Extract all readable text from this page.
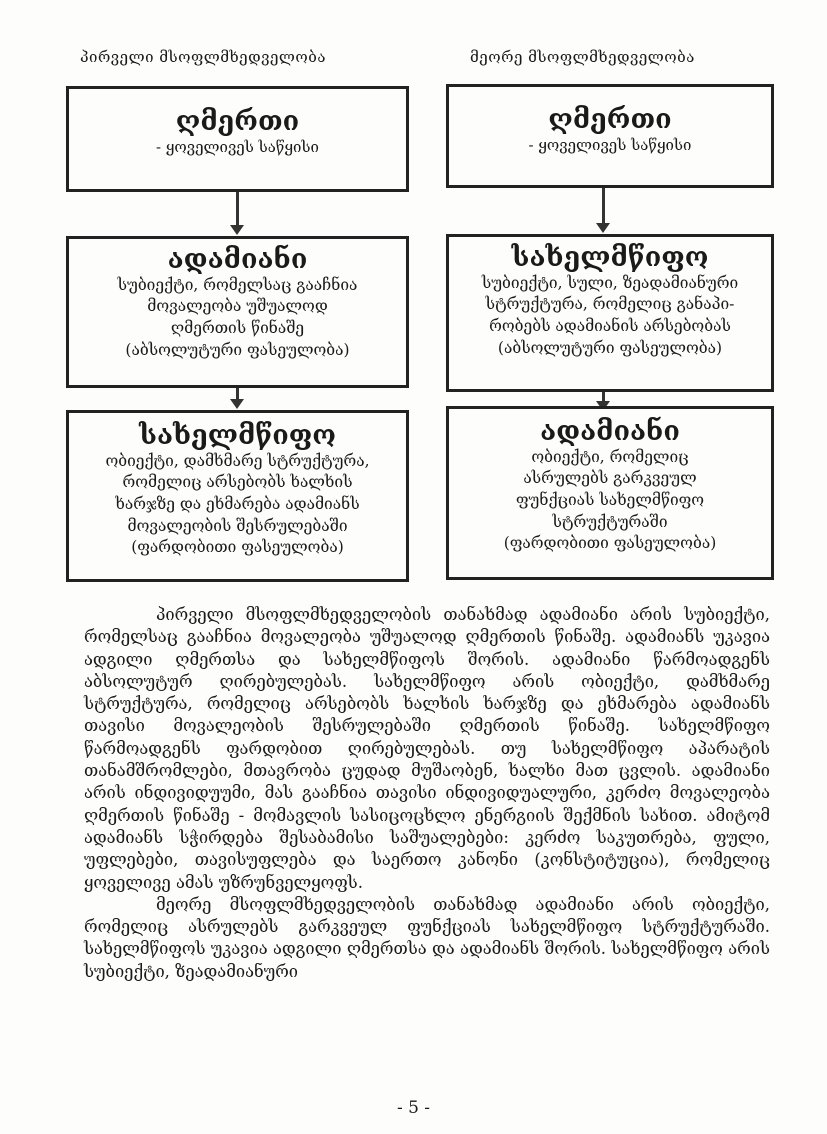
პირველი მსოფლმხედველობა	მეორე მსოფლმხედველობა
ღმერთი
- ყოველივეს საწყისი
ადამიანი
სუბიექტი, რომელსაც გააჩნია
მოვალეობა უშუალოდ
ღმერთის წინაშე
(აბსოლუტური ფასეულობა)
სახელმწიფო
ობიექტი, დამხმარე სტრუქტურა,
რომელიც არსებობს ხალხის
ხარჯზე და ეხმარება ადამიანს
მოვალეობის შესრულებაში
(ფარდობითი ფასეულობა)
ღმერთი
- ყოველივეს საწყისი
სახელმწიფო
სუბიექტი, სული, ზეადამიანური
სტრუქტურა, რომელიც განაპი-
რობებს ადამიანის არსებობას
(აბსოლუტური ფასეულობა)
ადამიანი
ობიექტი, რომელიც
ასრულებს გარკვეულ
ფუნქციას სახელმწიფო
სტრუქტურაში
(ფარდობითი ფასეულობა)

პირველი მსოფლმხედველობის თანახმად ადამიანი არის სუბიექტი, რომელსაც გააჩნია მოვალეობა უშუალოდ ღმერთის წინაშე. ადამიანს უკავია ადგილი ღმერთსა და სახელმწიფოს შორის. ადამიანი წარმოადგენს აბსოლუტურ ღირებულებას. სახელმწიფო არის ობიექტი, დამხმარე სტრუქტურა, რომელიც არსებობს ხალხის ხარჯზე და ეხმარება ადამიანს თავისი მოვალეობის შესრულებაში ღმერთის წინაშე. სახელმწიფო წარმოადგენს ფარდობით ღირებულებას. თუ სახელმწიფო აპარატის თანამშრომლები, მთავრობა ცუდად მუშაობენ, ხალხი მათ ცვლის. ადამიანი არის ინდივიდუუმი, მას გააჩნია თავისი ინდივიდუალური, კერძო მოვალეობა ღმერთის წინაშე - მომავლის სასიცოცხლო ენერგიის შექმნის სახით. ამიტომ ადამიანს სჭირდება შესაბამისი საშუალებები: კერძო საკუთრება, ფული, უფლებები, თავისუფლება და საერთო კანონი (კონსტიტუცია), რომელიც ყოველივე ამას უზრუნველყოფს.

მეორე მსოფლმხედველობის თანახმად ადამიანი არის ობიექტი, რომელიც ასრულებს გარკვეულ ფუნქციას სახელმწიფო სტრუქტურაში. სახელმწიფოს უკავია ადგილი ღმერთსა და ადამიანს შორის. სახელმწიფო არის სუბიექტი, ზეადამიანური

- 5 -
